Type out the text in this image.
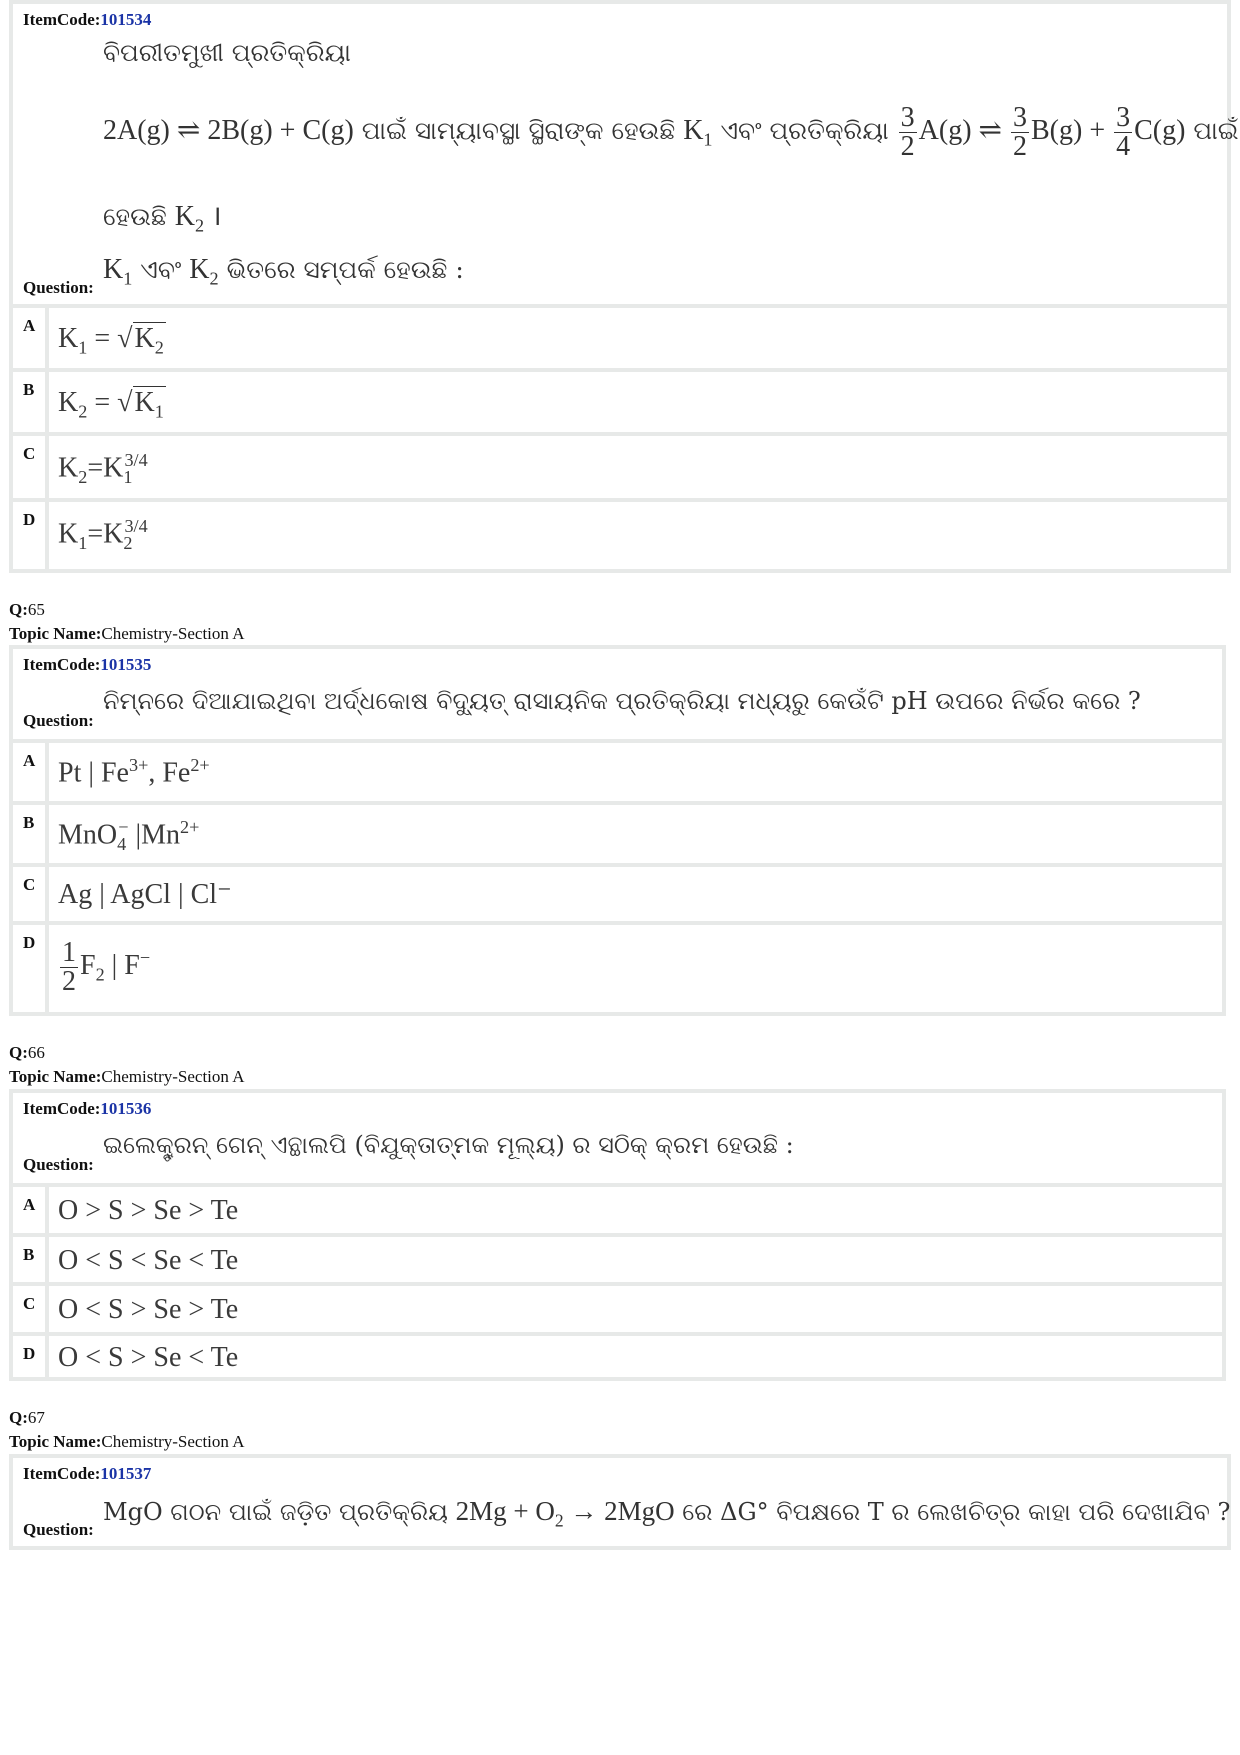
ItemCode:101534
ବିପରୀତମୁଖୀ ପ୍ରତିକ୍ରିୟା
2A(g) ⇌ 2B(g) + C(g) ପାଇଁ ସାମ୍ୟାବସ୍ଥା ସ୍ଥିରାଙ୍କ ହେଉଛି $K_1$ ଏବଂ ପ୍ରତିକ୍ରିୟା $\frac{3}{2} A(g)$ ⇌ $\frac{3}{2} B(g) + \frac{3}{4} C(g)$ ପାଇଁ
ହେଉଛି $K_2$ ।
Question:
$K_1$ ଏବଂ $K_2$ ଭିତରେ ସମ୍ପର୍କ ହେଉଛି :
A $K_1 = √K_2$
B $K_2 = √K_1$
C $K_2=K_1^{3/4}$
D $K_1=K_2^{3/4}$
Q:65
Topic Name:Chemistry-Section A
ItemCode:101535
Question:
ନିମ୍ନରେ ଦିଆଯାଇଥିବା ଅର୍ଦ୍ଧକୋଷ ବିଦ୍ୟୁତ୍ ରାସାୟନିକ ପ୍ରତିକ୍ରିୟା ମଧ୍ୟରୁ କେଉଁଟି pH ଉପରେ ନିର୍ଭର କରେ ?
A Pt | $Fe^{3+}$, $Fe^{2+}$
B MnO$_4$− $|Mn^{2+}$
C Ag | AgCl | Cl⁻
D $\frac{1}{2} F_2$ | F−
Q:66
Topic Name:Chemistry-Section A
ItemCode:101536
Question:
ଇଲେକ୍ଟ୍ରନ୍ ଗେନ୍ ଏନ୍ଥାଲପି (ବିଯୁକ୍ତାତ୍ମକ ମୂଲ୍ୟ) ର ସଠିକ୍ କ୍ରମ ହେଉଛି :
A O > S > Se > Te
B O < S < Se < Te
C O < S > Se > Te
D O < S > Se < Te
Q:67
Topic Name:Chemistry-Section A
ItemCode:101537
Question:
MgO ଗଠନ ପାଇଁ ଜଡ଼ିତ ପ୍ରତିକ୍ରିୟ $2Mg + O_2 \to 2MgO$ ରେ ΔG° ବିପକ୍ଷରେ T ର ଲେଖଚିତ୍ର କାହା ପରି ଦେଖାଯିବ ?
